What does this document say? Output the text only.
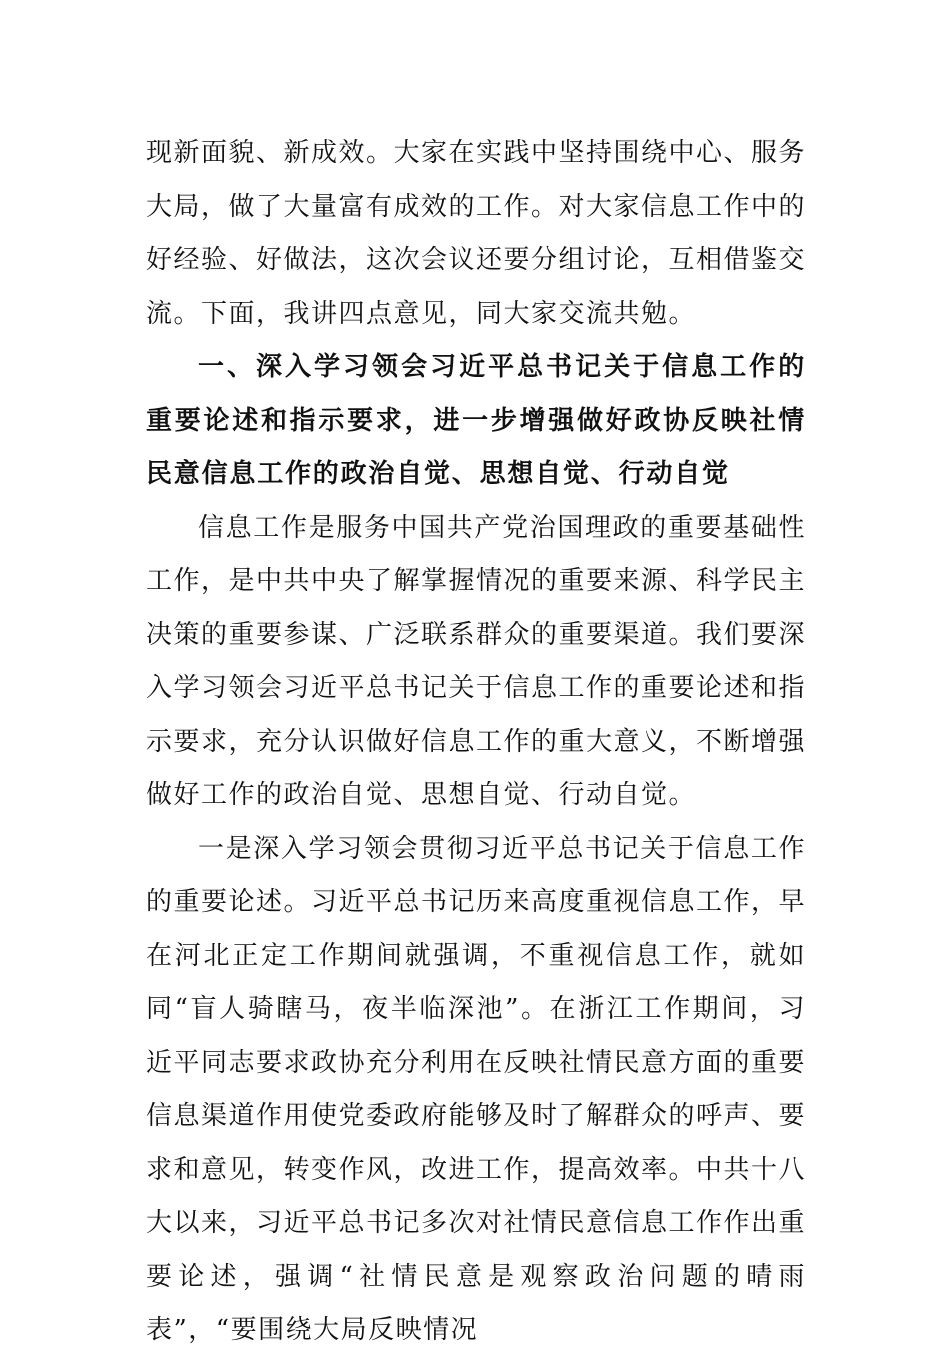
现新面貌、新成效。大家在实践中坚持围绕中心、服务大局，做了大量富有成效的工作。对大家信息工作中的好经验、好做法，这次会议还要分组讨论，互相借鉴交流。下面，我讲四点意见，同大家交流共勉。

一、深入学习领会习近平总书记关于信息工作的重要论述和指示要求，进一步增强做好政协反映社情民意信息工作的政治自觉、思想自觉、行动自觉

信息工作是服务中国共产党治国理政的重要基础性工作，是中共中央了解掌握情况的重要来源、科学民主决策的重要参谋、广泛联系群众的重要渠道。我们要深入学习领会习近平总书记关于信息工作的重要论述和指示要求，充分认识做好信息工作的重大意义，不断增强做好工作的政治自觉、思想自觉、行动自觉。

一是深入学习领会贯彻习近平总书记关于信息工作的重要论述。习近平总书记历来高度重视信息工作，早在河北正定工作期间就强调，不重视信息工作，就如同“盲人骑瞎马，夜半临深池”。在浙江工作期间，习近平同志要求政协充分利用在反映社情民意方面的重要信息渠道作用使党委政府能够及时了解群众的呼声、要求和意见，转变作风，改进工作，提高效率。中共十八大以来，习近平总书记多次对社情民意信息工作作出重要论述，强调“社情民意是观察政治问题的晴雨表”，“要围绕大局反映情况
